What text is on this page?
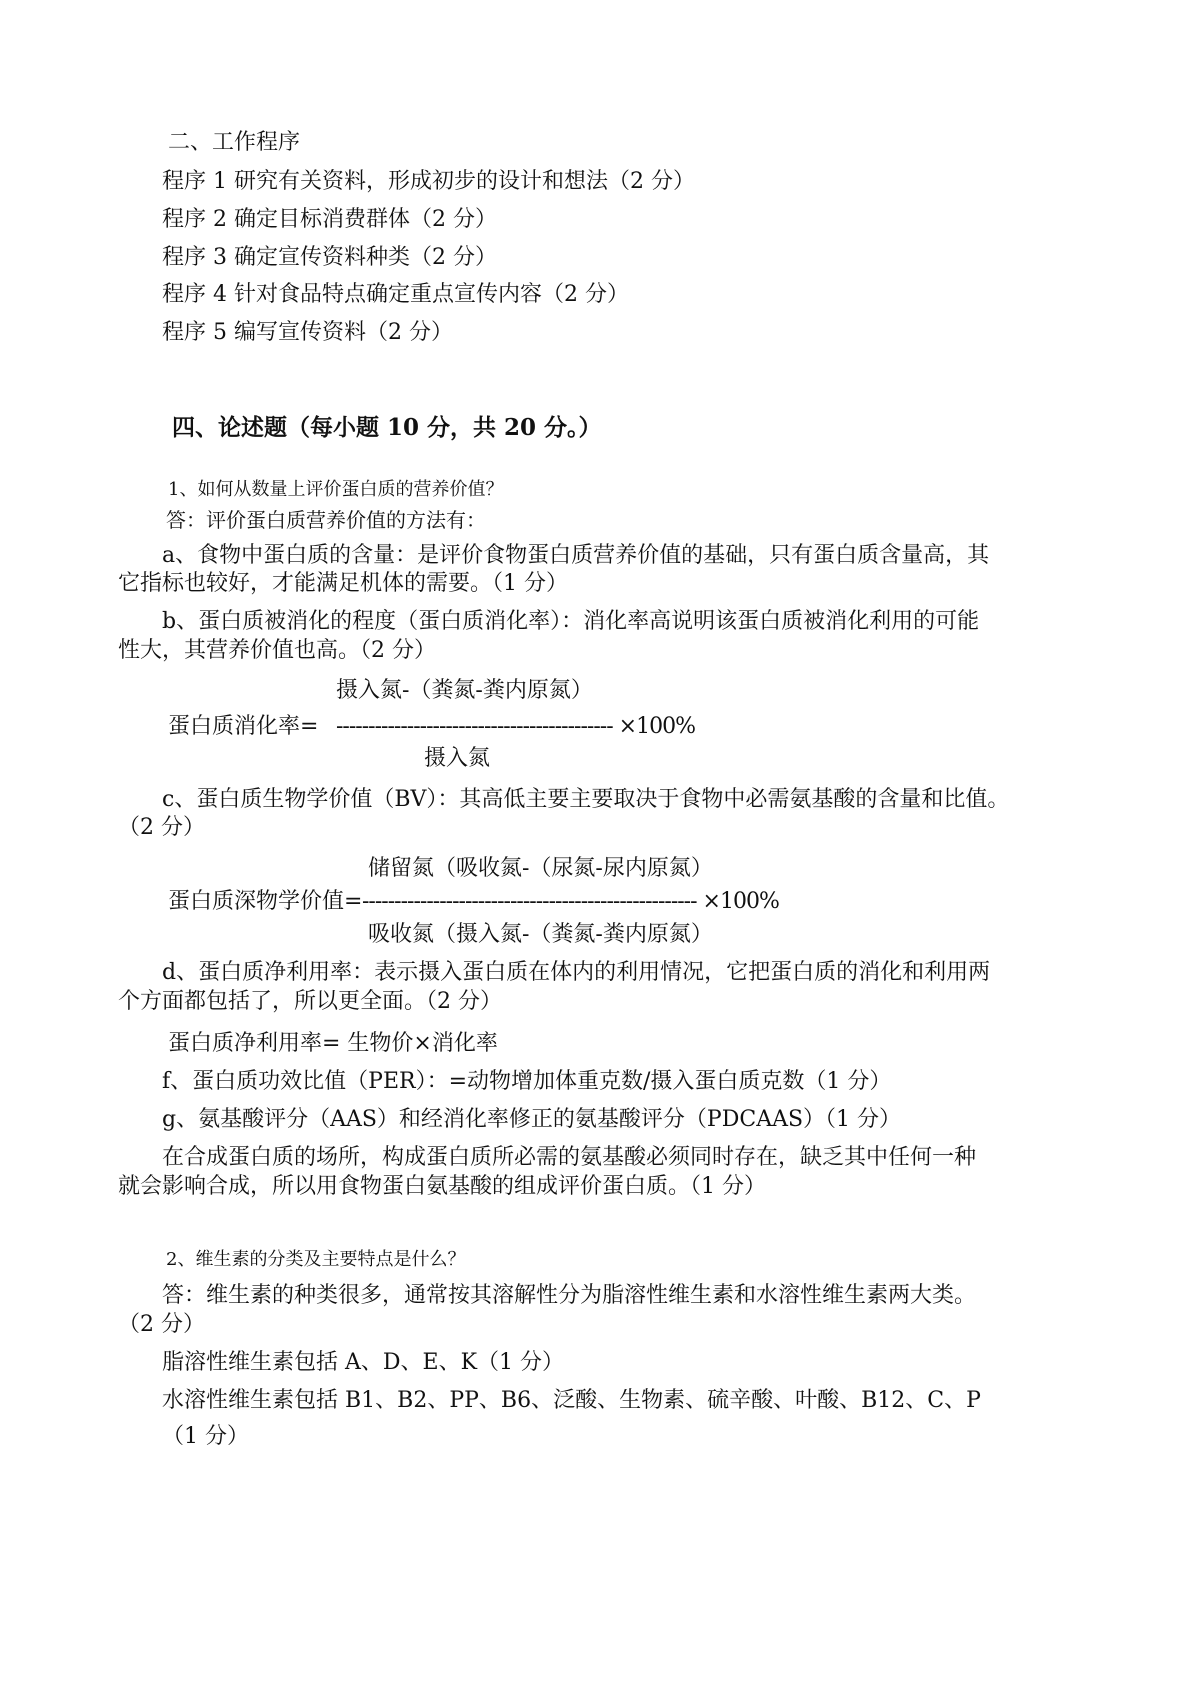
二、工作程序
程序 1 研究有关资料，形成初步的设计和想法（2 分）
程序 2 确定目标消费群体（2 分）
程序 3 确定宣传资料种类（2 分）
程序 4 针对食品特点确定重点宣传内容（2 分）
程序 5 编写宣传资料（2 分）
四、论述题（每小题 10 分，共 20 分。）
1、如何从数量上评价蛋白质的营养价值？
答：评价蛋白质营养价值的方法有：
a、食物中蛋白质的含量：是评价食物蛋白质营养价值的基础，只有蛋白质含量高，其
它指标也较好，才能满足机体的需要。（1 分）
b、蛋白质被消化的程度（蛋白质消化率）：消化率高说明该蛋白质被消化利用的可能
性大，其营养价值也高。（2 分）
摄入氮-（粪氮-粪内原氮）
蛋白质消化率= ------------------------------------------- ×100%
摄入氮
c、蛋白质生物学价值（BV）：其高低主要主要取决于食物中必需氨基酸的含量和比值。
（2 分）
储留氮（吸收氮-（尿氮-尿内原氮）
蛋白质深物学价值= ---------------------------------------------------- ×100%
吸收氮（摄入氮-（粪氮-粪内原氮）
d、蛋白质净利用率：表示摄入蛋白质在体内的利用情况，它把蛋白质的消化和利用两
个方面都包括了，所以更全面。（2 分）
蛋白质净利用率= 生物价×消化率
f、蛋白质功效比值（PER）：=动物增加体重克数/摄入蛋白质克数（1 分）
g、氨基酸评分（AAS）和经消化率修正的氨基酸评分（PDCAAS）（1 分）
在合成蛋白质的场所，构成蛋白质所必需的氨基酸必须同时存在，缺乏其中任何一种
就会影响合成，所以用食物蛋白氨基酸的组成评价蛋白质。（1 分）
2、维生素的分类及主要特点是什么？
答：维生素的种类很多，通常按其溶解性分为脂溶性维生素和水溶性维生素两大类。
（2 分）
脂溶性维生素包括 A、D、E、K（1 分）
水溶性维生素包括 B1、B2、PP、B6、泛酸、生物素、硫辛酸、叶酸、B12、C、P
（1 分）
